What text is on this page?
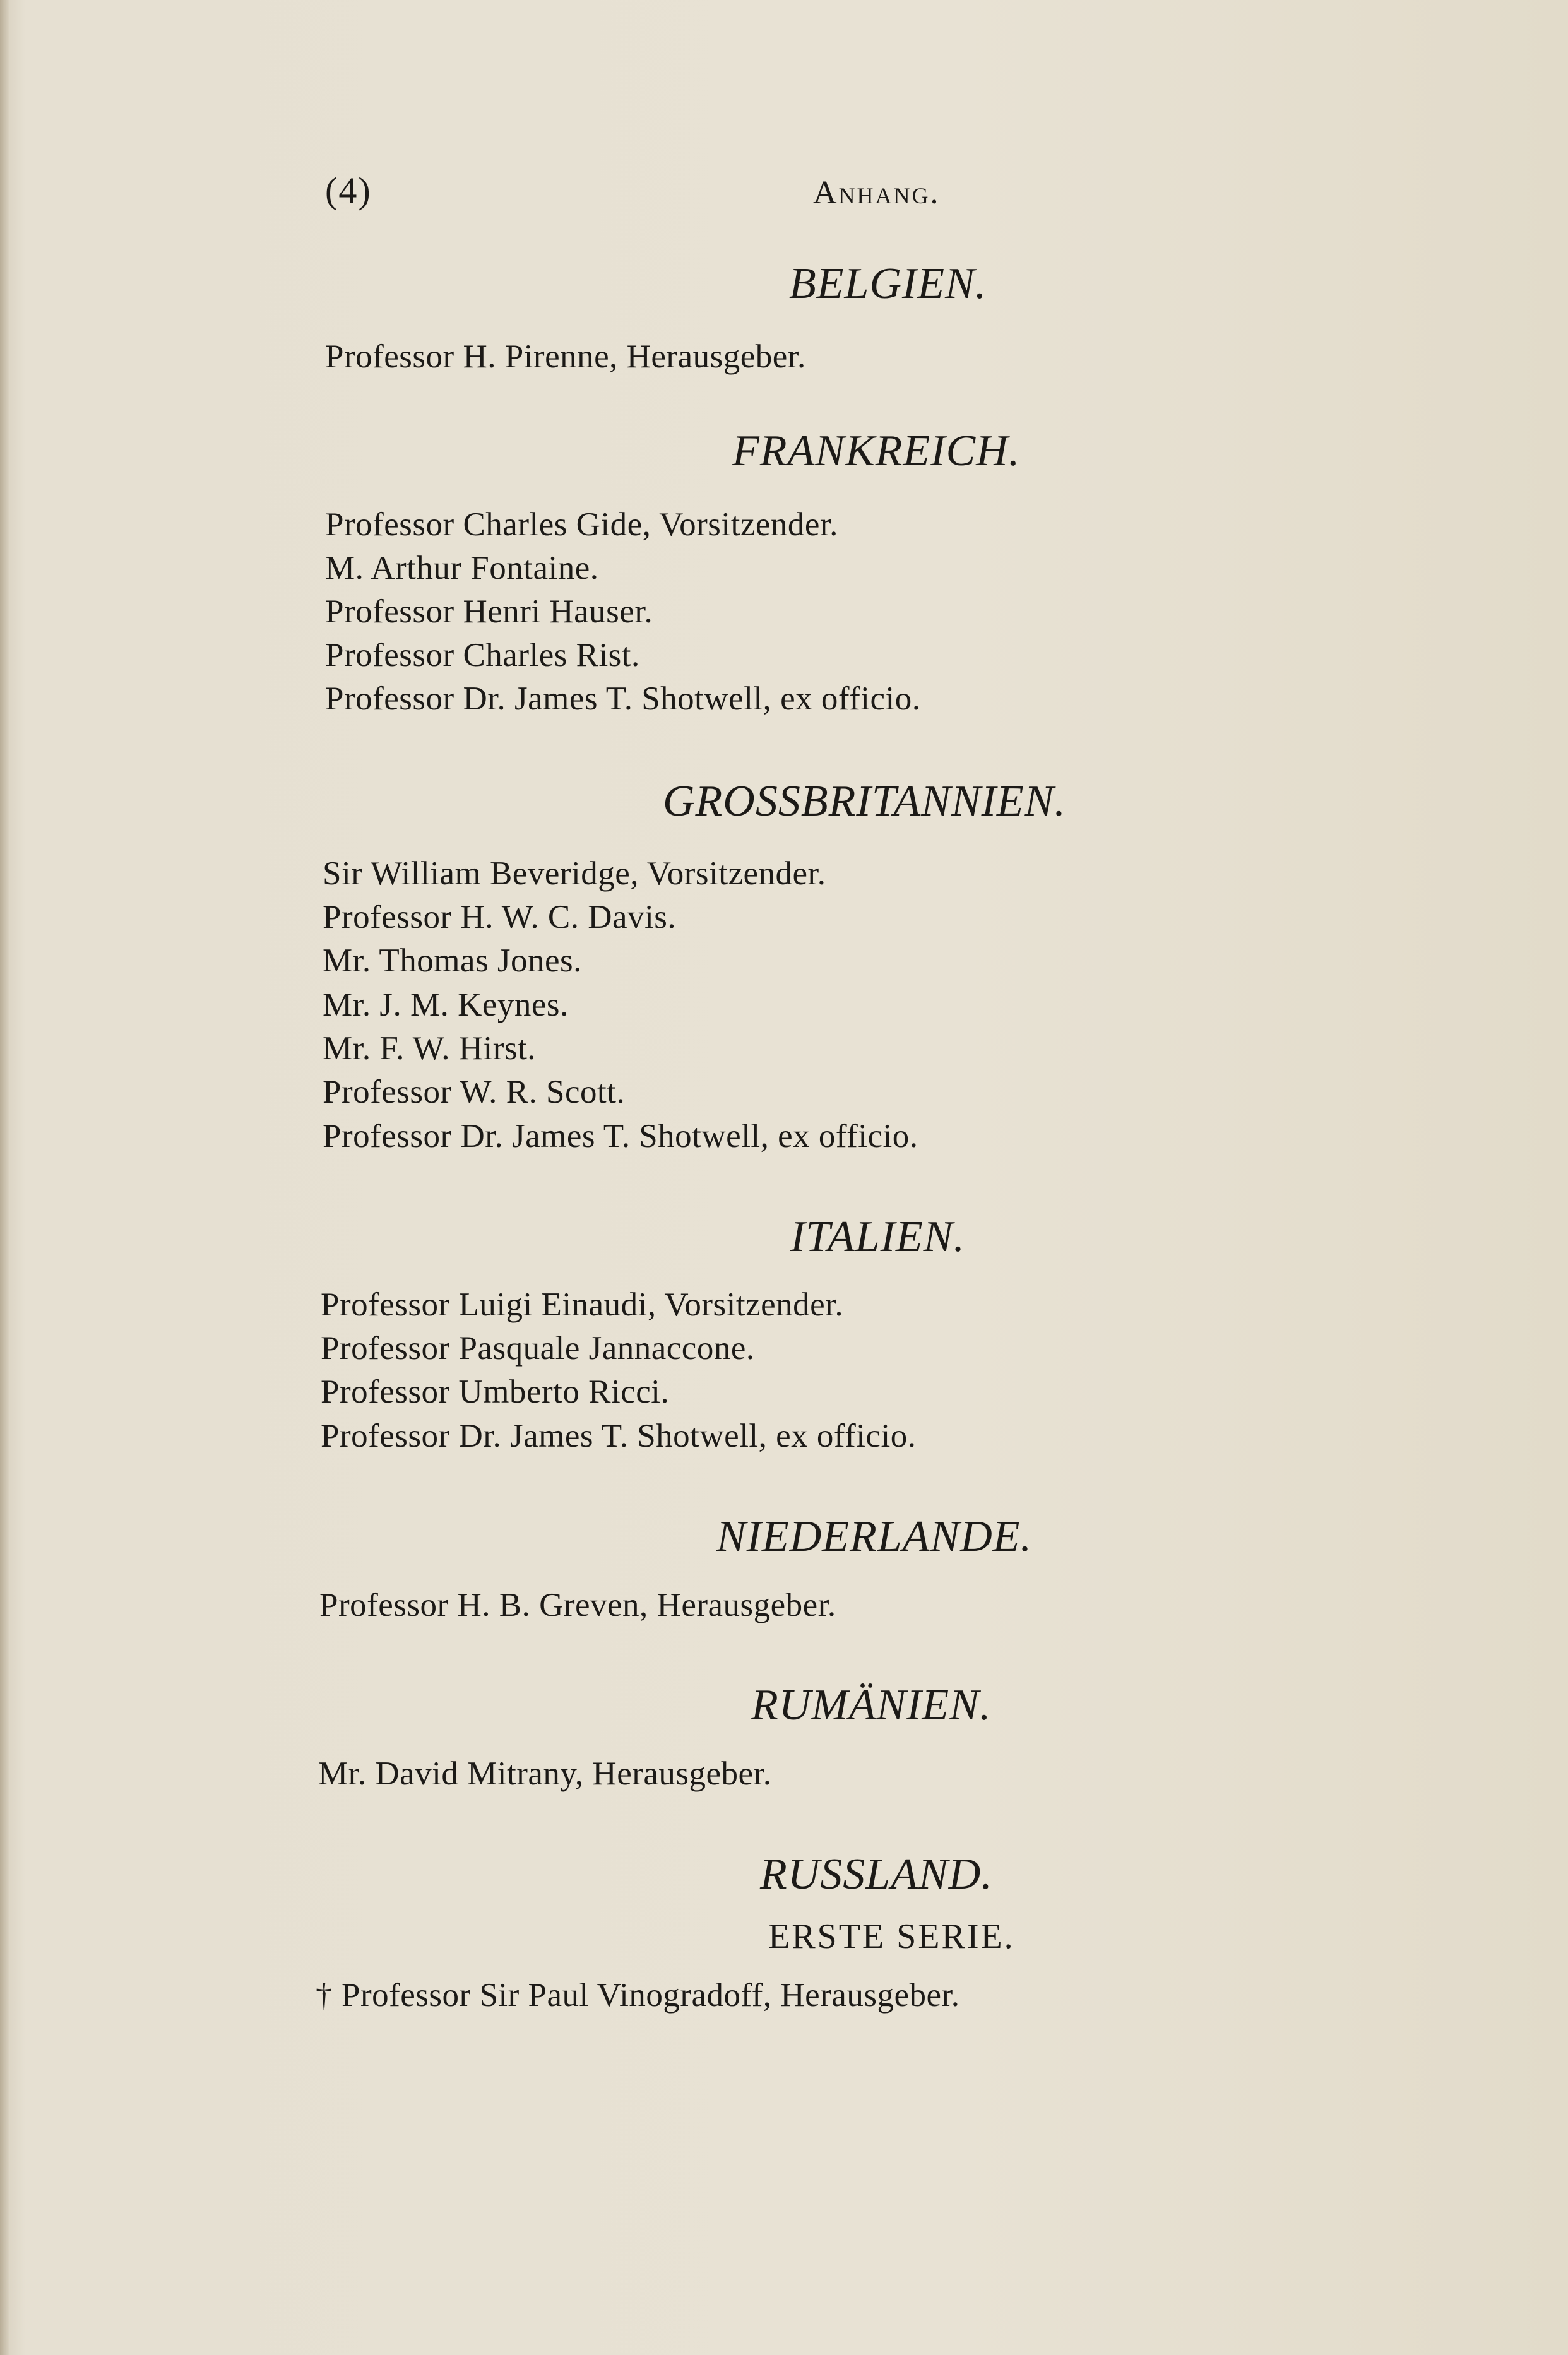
(4)	Anhang.
BELGIEN.
Professor H. Pirenne, Herausgeber.
FRANKREICH.
Professor Charles Gide, Vorsitzender.
M. Arthur Fontaine.
Professor Henri Hauser.
Professor Charles Rist.
Professor Dr. James T. Shotwell, ex officio.
GROSSBRITANNIEN.
Sir William Beveridge, Vorsitzender.
Professor H. W. C. Davis.
Mr. Thomas Jones.
Mr. J. M. Keynes.
Mr. F. W. Hirst.
Professor W. R. Scott.
Professor Dr. James T. Shotwell, ex officio.
ITALIEN.
Professor Luigi Einaudi, Vorsitzender.
Professor Pasquale Jannaccone.
Professor Umberto Ricci.
Professor Dr. James T. Shotwell, ex officio.
NIEDERLANDE.
Professor H. B. Greven, Herausgeber.
RUMÄNIEN.
Mr. David Mitrany, Herausgeber.
RUSSLAND.
ERSTE SERIE.
† Professor Sir Paul Vinogradoff, Herausgeber.
